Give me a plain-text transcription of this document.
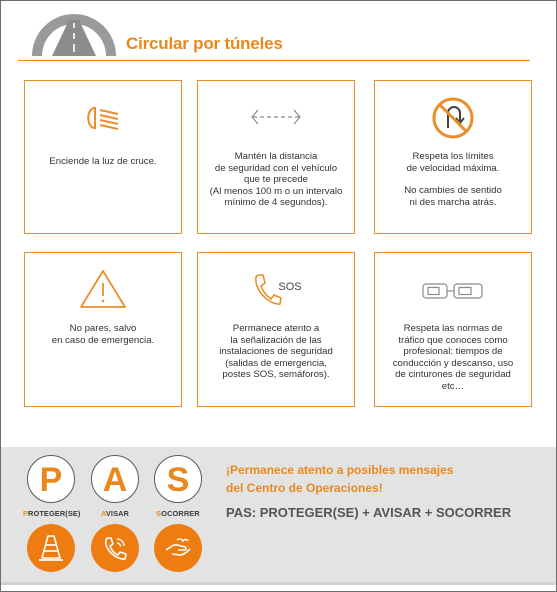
Circular por túneles

Enciende la luz de cruce.	Mantén la distancia

de seguridad con el vehículo

que te precede

(Al menos 100 m o un intervalo

mínimo de 4 segundos).

Respeta los límites

de velocidad máxima.

No cambies de sentido

ni des marcha atrás.

No pares, salvo

en caso de emergencia.

SOS

Permanece atento a

la señalización de las

instalaciones de seguridad

(salidas de emergencia,

postes SOS, semáforos).

Respeta las normas de

tráfico que conoces como

profesional: tiempos de

conducción y descanso, uso

de cinturones de seguridad

etc…

P
PROTEGER(SE)
A
AVISAR
S
SOCORRER
¡Permanece atento a posibles mensajes
del Centro de Operaciones!
PAS: PROTEGER(SE) + AVISAR + SOCORRER
